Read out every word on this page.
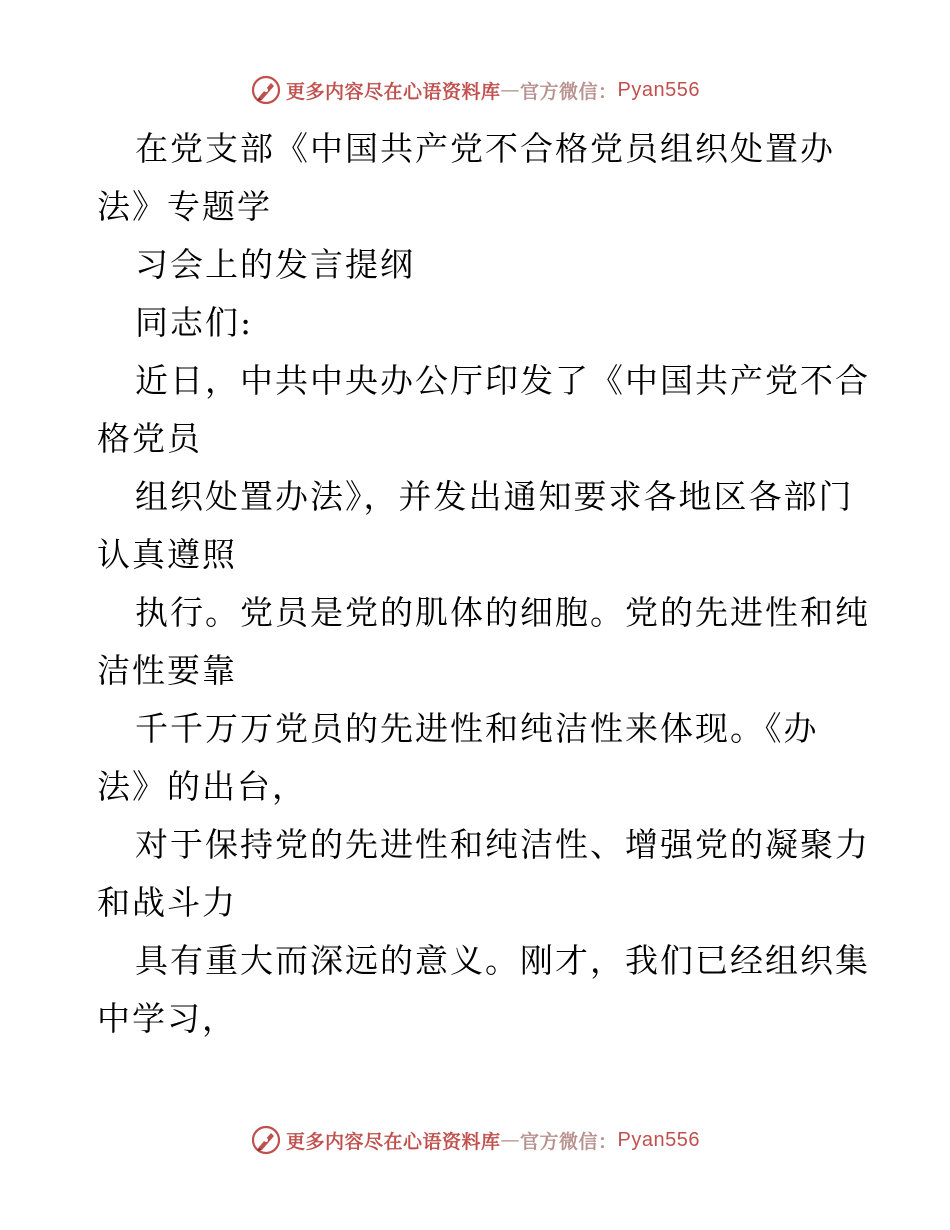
更多内容尽在心语资料库 — 官方微信： Pyan556
在党支部《中国共产党不合格党员组织处置办
法》专题学
习会上的发言提纲
同志们:
近日，中共中央办公厅印发了《中国共产党不合
格党员
组织处置办法》，并发出通知要求各地区各部门
认真遵照
执行。党员是党的肌体的细胞。党的先进性和纯
洁性要靠
千千万万党员的先进性和纯洁性来体现。《办
法》的出台，
对于保持党的先进性和纯洁性、增强党的凝聚力
和战斗力
具有重大而深远的意义。刚才，我们已经组织集
中学习，
更多内容尽在心语资料库 — 官方微信： Pyan556
